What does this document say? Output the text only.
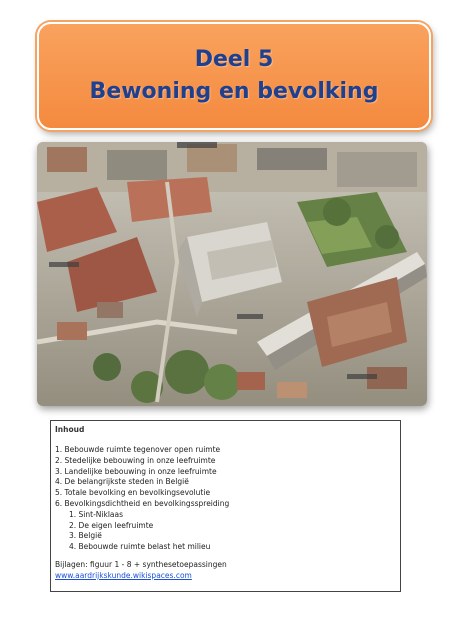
Deel 5
Bewoning en bevolking
Inhoud
1. Bebouwde ruimte tegenover open ruimte
2. Stedelijke bebouwing in onze leefruimte
3. Landelijke bebouwing in onze leefruimte
4. De belangrijkste steden in België
5. Totale bevolking en bevolkingsevolutie
6. Bevolkingsdichtheid en bevolkingsspreiding
1. Sint-Niklaas
2. De eigen leefruimte
3. België
4. Bebouwde ruimte belast het milieu
Bijlagen: figuur 1 - 8 + synthesetoepassingen
www.aardrijkskunde.wikispaces.com
